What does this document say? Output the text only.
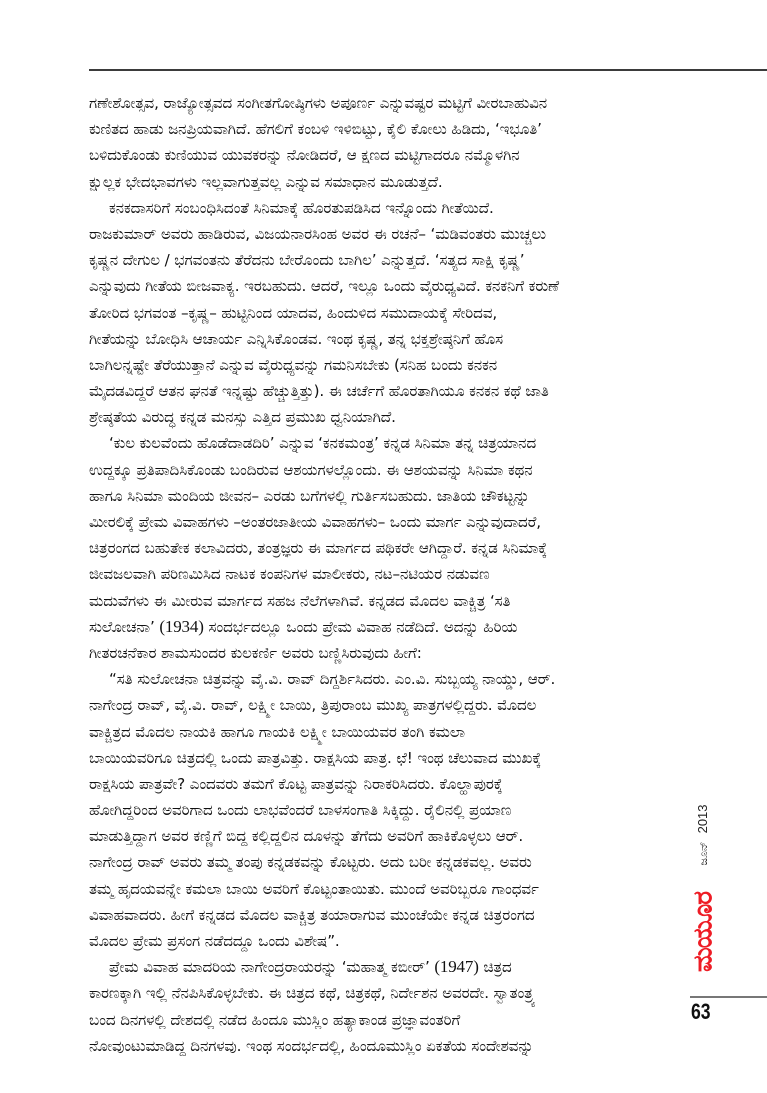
ಗಣೇಶೋತ್ಸವ, ರಾಜ್ಯೋತ್ಸವದ ಸಂಗೀತಗೋಷ್ಠಿಗಳು ಅಪೂರ್ಣ ಎನ್ನುವಷ್ಟರ ಮಟ್ಟಿಗೆ ವೀರಬಾಹುವಿನ
ಕುಣಿತದ ಹಾಡು ಜನಪ್ರಿಯವಾಗಿದೆ. ಹೆಗಲಿಗೆ ಕಂಬಳಿ ಇಳಿಬಿಟ್ಟು, ಕೈಲಿ ಕೋಲು ಹಿಡಿದು, ‘ಇಭೂತಿ’
ಬಳಿದುಕೊಂಡು ಕುಣಿಯುವ ಯುವಕರನ್ನು ನೋಡಿದರೆ, ಆ ಕ್ಷಣದ ಮಟ್ಟಿಗಾದರೂ ನಮ್ಮೊಳಗಿನ
ಕ್ಷುಲ್ಲಕ ಭೇದಭಾವಗಳು ಇಲ್ಲವಾಗುತ್ತವಲ್ಲ ಎನ್ನುವ ಸಮಾಧಾನ ಮೂಡುತ್ತದೆ.
ಕನಕದಾಸರಿಗೆ ಸಂಬಂಧಿಸಿದಂತೆ ಸಿನಿಮಾಕ್ಕೆ ಹೊರತುಪಡಿಸಿದ ಇನ್ನೊಂದು ಗೀತೆಯಿದೆ.
ರಾಜಕುಮಾರ್ ಅವರು ಹಾಡಿರುವ, ವಿಜಯನಾರಸಿಂಹ ಅವರ ಈ ರಚನೆ– ‘ಮಡಿವಂತರು ಮುಚ್ಚಲು
ಕೃಷ್ಣನ ದೇಗುಲ / ಭಗವಂತನು ತೆರೆದನು ಬೇರೊಂದು ಬಾಗಿಲ’ ಎನ್ನುತ್ತದೆ. ‘ಸತ್ಯದ ಸಾಕ್ಷಿ ಕೃಷ್ಣ’
ಎನ್ನುವುದು ಗೀತೆಯ ಬೀಜವಾಕ್ಯ. ಇರಬಹುದು. ಆದರೆ, ಇಲ್ಲೂ ಒಂದು ವೈರುಧ್ಯವಿದೆ. ಕನಕನಿಗೆ ಕರುಣೆ
ತೋರಿದ ಭಗವಂತ –ಕೃಷ್ಣ– ಹುಟ್ಟಿನಿಂದ ಯಾದವ, ಹಿಂದುಳಿದ ಸಮುದಾಯಕ್ಕೆ ಸೇರಿದವ,
ಗೀತೆಯನ್ನು ಬೋಧಿಸಿ ಆಚಾರ್ಯ ಎನ್ನಿಸಿಕೊಂಡವ. ಇಂಥ ಕೃಷ್ಣ, ತನ್ನ ಭಕ್ತಶ್ರೇಷ್ಠನಿಗೆ ಹೊಸ
ಬಾಗಿಲನ್ನಷ್ಟೇ ತೆರೆಯುತ್ತಾನೆ ಎನ್ನುವ ವೈರುಧ್ಯವನ್ನು ಗಮನಿಸಬೇಕು (ಸನಿಹ ಬಂದು ಕನಕನ
ಮೈದಡವಿದ್ದರೆ ಆತನ ಘನತೆ ಇನ್ನಷ್ಟು ಹೆಚ್ಚುತ್ತಿತ್ತು). ಈ ಚರ್ಚೆಗೆ ಹೊರತಾಗಿಯೂ ಕನಕನ ಕಥೆ ಜಾತಿ
ಶ್ರೇಷ್ಠತೆಯ ವಿರುದ್ಧ ಕನ್ನಡ ಮನಸ್ಸು ಎತ್ತಿದ ಪ್ರಮುಖ ಧ್ವನಿಯಾಗಿದೆ.
‘ಕುಲ ಕುಲವೆಂದು ಹೊಡೆದಾಡದಿರಿ’ ಎನ್ನುವ ‘ಕನಕಮಂತ್ರ’ ಕನ್ನಡ ಸಿನಿಮಾ ತನ್ನ ಚಿತ್ರಯಾನದ
ಉದ್ದಕ್ಕೂ ಪ್ರತಿಪಾದಿಸಿಕೊಂಡು ಬಂದಿರುವ ಆಶಯಗಳಲ್ಲೊಂದು. ಈ ಆಶಯವನ್ನು ಸಿನಿಮಾ ಕಥನ
ಹಾಗೂ ಸಿನಿಮಾ ಮಂದಿಯ ಜೀವನ– ಎರಡು ಬಗೆಗಳಲ್ಲಿ ಗುರ್ತಿಸಬಹುದು. ಜಾತಿಯ ಚೌಕಟ್ಟನ್ನು
ಮೀರಲಿಕ್ಕೆ ಪ್ರೇಮ ವಿವಾಹಗಳು –ಅಂತರಜಾತೀಯ ವಿವಾಹಗಳು– ಒಂದು ಮಾರ್ಗ ಎನ್ನುವುದಾದರೆ,
ಚಿತ್ರರಂಗದ ಬಹುತೇಕ ಕಲಾವಿದರು, ತಂತ್ರಜ್ಞರು ಈ ಮಾರ್ಗದ ಪಥಿಕರೇ ಆಗಿದ್ದಾರೆ. ಕನ್ನಡ ಸಿನಿಮಾಕ್ಕೆ
ಜೀವಜಲವಾಗಿ ಪರಿಣಮಿಸಿದ ನಾಟಕ ಕಂಪನಿಗಳ ಮಾಲೀಕರು, ನಟ–ನಟಿಯರ ನಡುವಣ
ಮದುವೆಗಳು ಈ ಮೀರುವ ಮಾರ್ಗದ ಸಹಜ ನೆಲೆಗಳಾಗಿವೆ. ಕನ್ನಡದ ಮೊದಲ ವಾಕ್ಚಿತ್ರ ‘ಸತಿ
ಸುಲೋಚನಾ’ (1934) ಸಂದರ್ಭದಲ್ಲೂ ಒಂದು ಪ್ರೇಮ ವಿವಾಹ ನಡೆದಿದೆ. ಅದನ್ನು ಹಿರಿಯ
ಗೀತರಚನೆಕಾರ ಶಾಮಸುಂದರ ಕುಲಕರ್ಣಿ ಅವರು ಬಣ್ಣಿಸಿರುವುದು ಹೀಗೆ:
“ಸತಿ ಸುಲೋಚನಾ ಚಿತ್ರವನ್ನು ವೈ.ವಿ. ರಾವ್ ದಿಗ್ದರ್ಶಿಸಿದರು. ಎಂ.ವಿ. ಸುಬ್ಬಯ್ಯ ನಾಯ್ಡು, ಆರ್.
ನಾಗೇಂದ್ರ ರಾವ್, ವೈ.ವಿ. ರಾವ್, ಲಕ್ಷ್ಮೀ ಬಾಯಿ, ತ್ರಿಪುರಾಂಬ ಮುಖ್ಯ ಪಾತ್ರಗಳಲ್ಲಿದ್ದರು. ಮೊದಲ
ವಾಕ್ಚಿತ್ರದ ಮೊದಲ ನಾಯಕಿ ಹಾಗೂ ಗಾಯಕಿ ಲಕ್ಷ್ಮೀ ಬಾಯಿಯವರ ತಂಗಿ ಕಮಲಾ
ಬಾಯಿಯವರಿಗೂ ಚಿತ್ರದಲ್ಲಿ ಒಂದು ಪಾತ್ರವಿತ್ತು. ರಾಕ್ಷಸಿಯ ಪಾತ್ರ. ಛೆ! ಇಂಥ ಚೆಲುವಾದ ಮುಖಕ್ಕೆ
ರಾಕ್ಷಸಿಯ ಪಾತ್ರವೇ? ಎಂದವರು ತಮಗೆ ಕೊಟ್ಟ ಪಾತ್ರವನ್ನು ನಿರಾಕರಿಸಿದರು. ಕೊಲ್ಹಾಪುರಕ್ಕೆ
ಹೋಗಿದ್ದರಿಂದ ಅವರಿಗಾದ ಒಂದು ಲಾಭವೆಂದರೆ ಬಾಳಸಂಗಾತಿ ಸಿಕ್ಕಿದ್ದು. ರೈಲಿನಲ್ಲಿ ಪ್ರಯಾಣ
ಮಾಡುತ್ತಿದ್ದಾಗ ಅವರ ಕಣ್ಣಿಗೆ ಬಿದ್ದ ಕಲ್ಲಿದ್ದಲಿನ ದೂಳನ್ನು ತೆಗೆದು ಅವರಿಗೆ ಹಾಕಿಕೊಳ್ಳಲು ಆರ್.
ನಾಗೇಂದ್ರ ರಾವ್ ಅವರು ತಮ್ಮ ತಂಪು ಕನ್ನಡಕವನ್ನು ಕೊಟ್ಟರು. ಅದು ಬರೀ ಕನ್ನಡಕವಲ್ಲ. ಅವರು
ತಮ್ಮ ಹೃದಯವನ್ನೇ ಕಮಲಾ ಬಾಯಿ ಅವರಿಗೆ ಕೊಟ್ಟಂತಾಯಿತು. ಮುಂದೆ ಅವರಿಬ್ಬರೂ ಗಾಂಧರ್ವ
ವಿವಾಹವಾದರು. ಹೀಗೆ ಕನ್ನಡದ ಮೊದಲ ವಾಕ್ಚಿತ್ರ ತಯಾರಾಗುವ ಮುಂಚೆಯೇ ಕನ್ನಡ ಚಿತ್ರರಂಗದ
ಮೊದಲ ಪ್ರೇಮ ಪ್ರಸಂಗ ನಡೆದದ್ದೂ ಒಂದು ವಿಶೇಷ”.
ಪ್ರೇಮ ವಿವಾಹ ಮಾದರಿಯ ನಾಗೇಂದ್ರರಾಯರನ್ನು ‘ಮಹಾತ್ಮ ಕಬೀರ್’ (1947) ಚಿತ್ರದ
ಕಾರಣಕ್ಕಾಗಿ ಇಲ್ಲಿ ನೆನಪಿಸಿಕೊಳ್ಳಬೇಕು. ಈ ಚಿತ್ರದ ಕಥೆ, ಚಿತ್ರಕಥೆ, ನಿರ್ದೇಶನ ಅವರದೇ. ಸ್ವಾತಂತ್ರ್ಯ
ಬಂದ ದಿನಗಳಲ್ಲಿ ದೇಶದಲ್ಲಿ ನಡೆದ ಹಿಂದೂ ಮುಸ್ಲಿಂ ಹತ್ಯಾಕಾಂಡ ಪ್ರಜ್ಞಾವಂತರಿಗೆ
ನೋವುಂಟುಮಾಡಿದ್ದ ದಿನಗಳವು. ಇಂಥ ಸಂದರ್ಭದಲ್ಲಿ, ಹಿಂದೂಮುಸ್ಲಿಂ ಏಕತೆಯ ಸಂದೇಶವನ್ನು
ಜೂನ್2013
ಮಯೂರ
63
